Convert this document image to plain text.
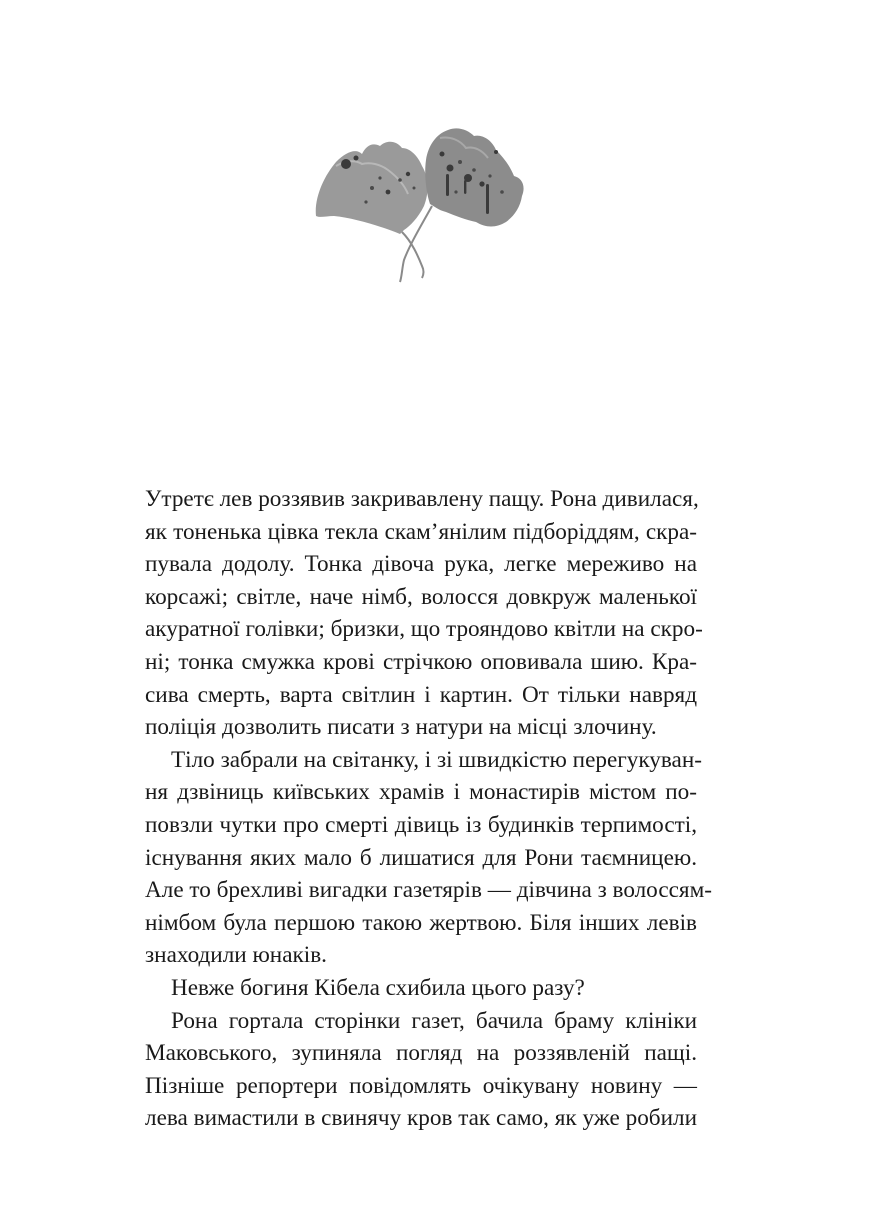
Утретє лев роззявив закривавлену пащу. Рона дивилася,
як тоненька цівка текла скам’янілим підборіддям, скра-
пувала додолу. Тонка дівоча рука, легке мереживо на
корсажі; світле, наче німб, волосся довкруж маленької
акуратної голівки; бризки, що трояндово квітли на скро-
ні; тонка смужка крові стрічкою оповивала шию. Кра-
сива смерть, варта світлин і картин. От тільки навряд
поліція дозволить писати з натури на місці злочину.
Тіло забрали на світанку, і зі швидкістю перегукуван-
ня дзвіниць київських храмів і монастирів містом по-
повзли чутки про смерті дівиць із будинків терпимості,
існування яких мало б лишатися для Рони таємницею.
Але то брехливі вигадки газетярів — дівчина з волоссям-
німбом була першою такою жертвою. Біля інших левів
знаходили юнаків.
Невже богиня Кібела схибила цього разу?
Рона гортала сторінки газет, бачила браму клініки
Маковського, зупиняла погляд на роззявленій пащі.
Пізніше репортери повідомлять очікувану новину —
лева вимастили в свинячу кров так само, як уже робили
